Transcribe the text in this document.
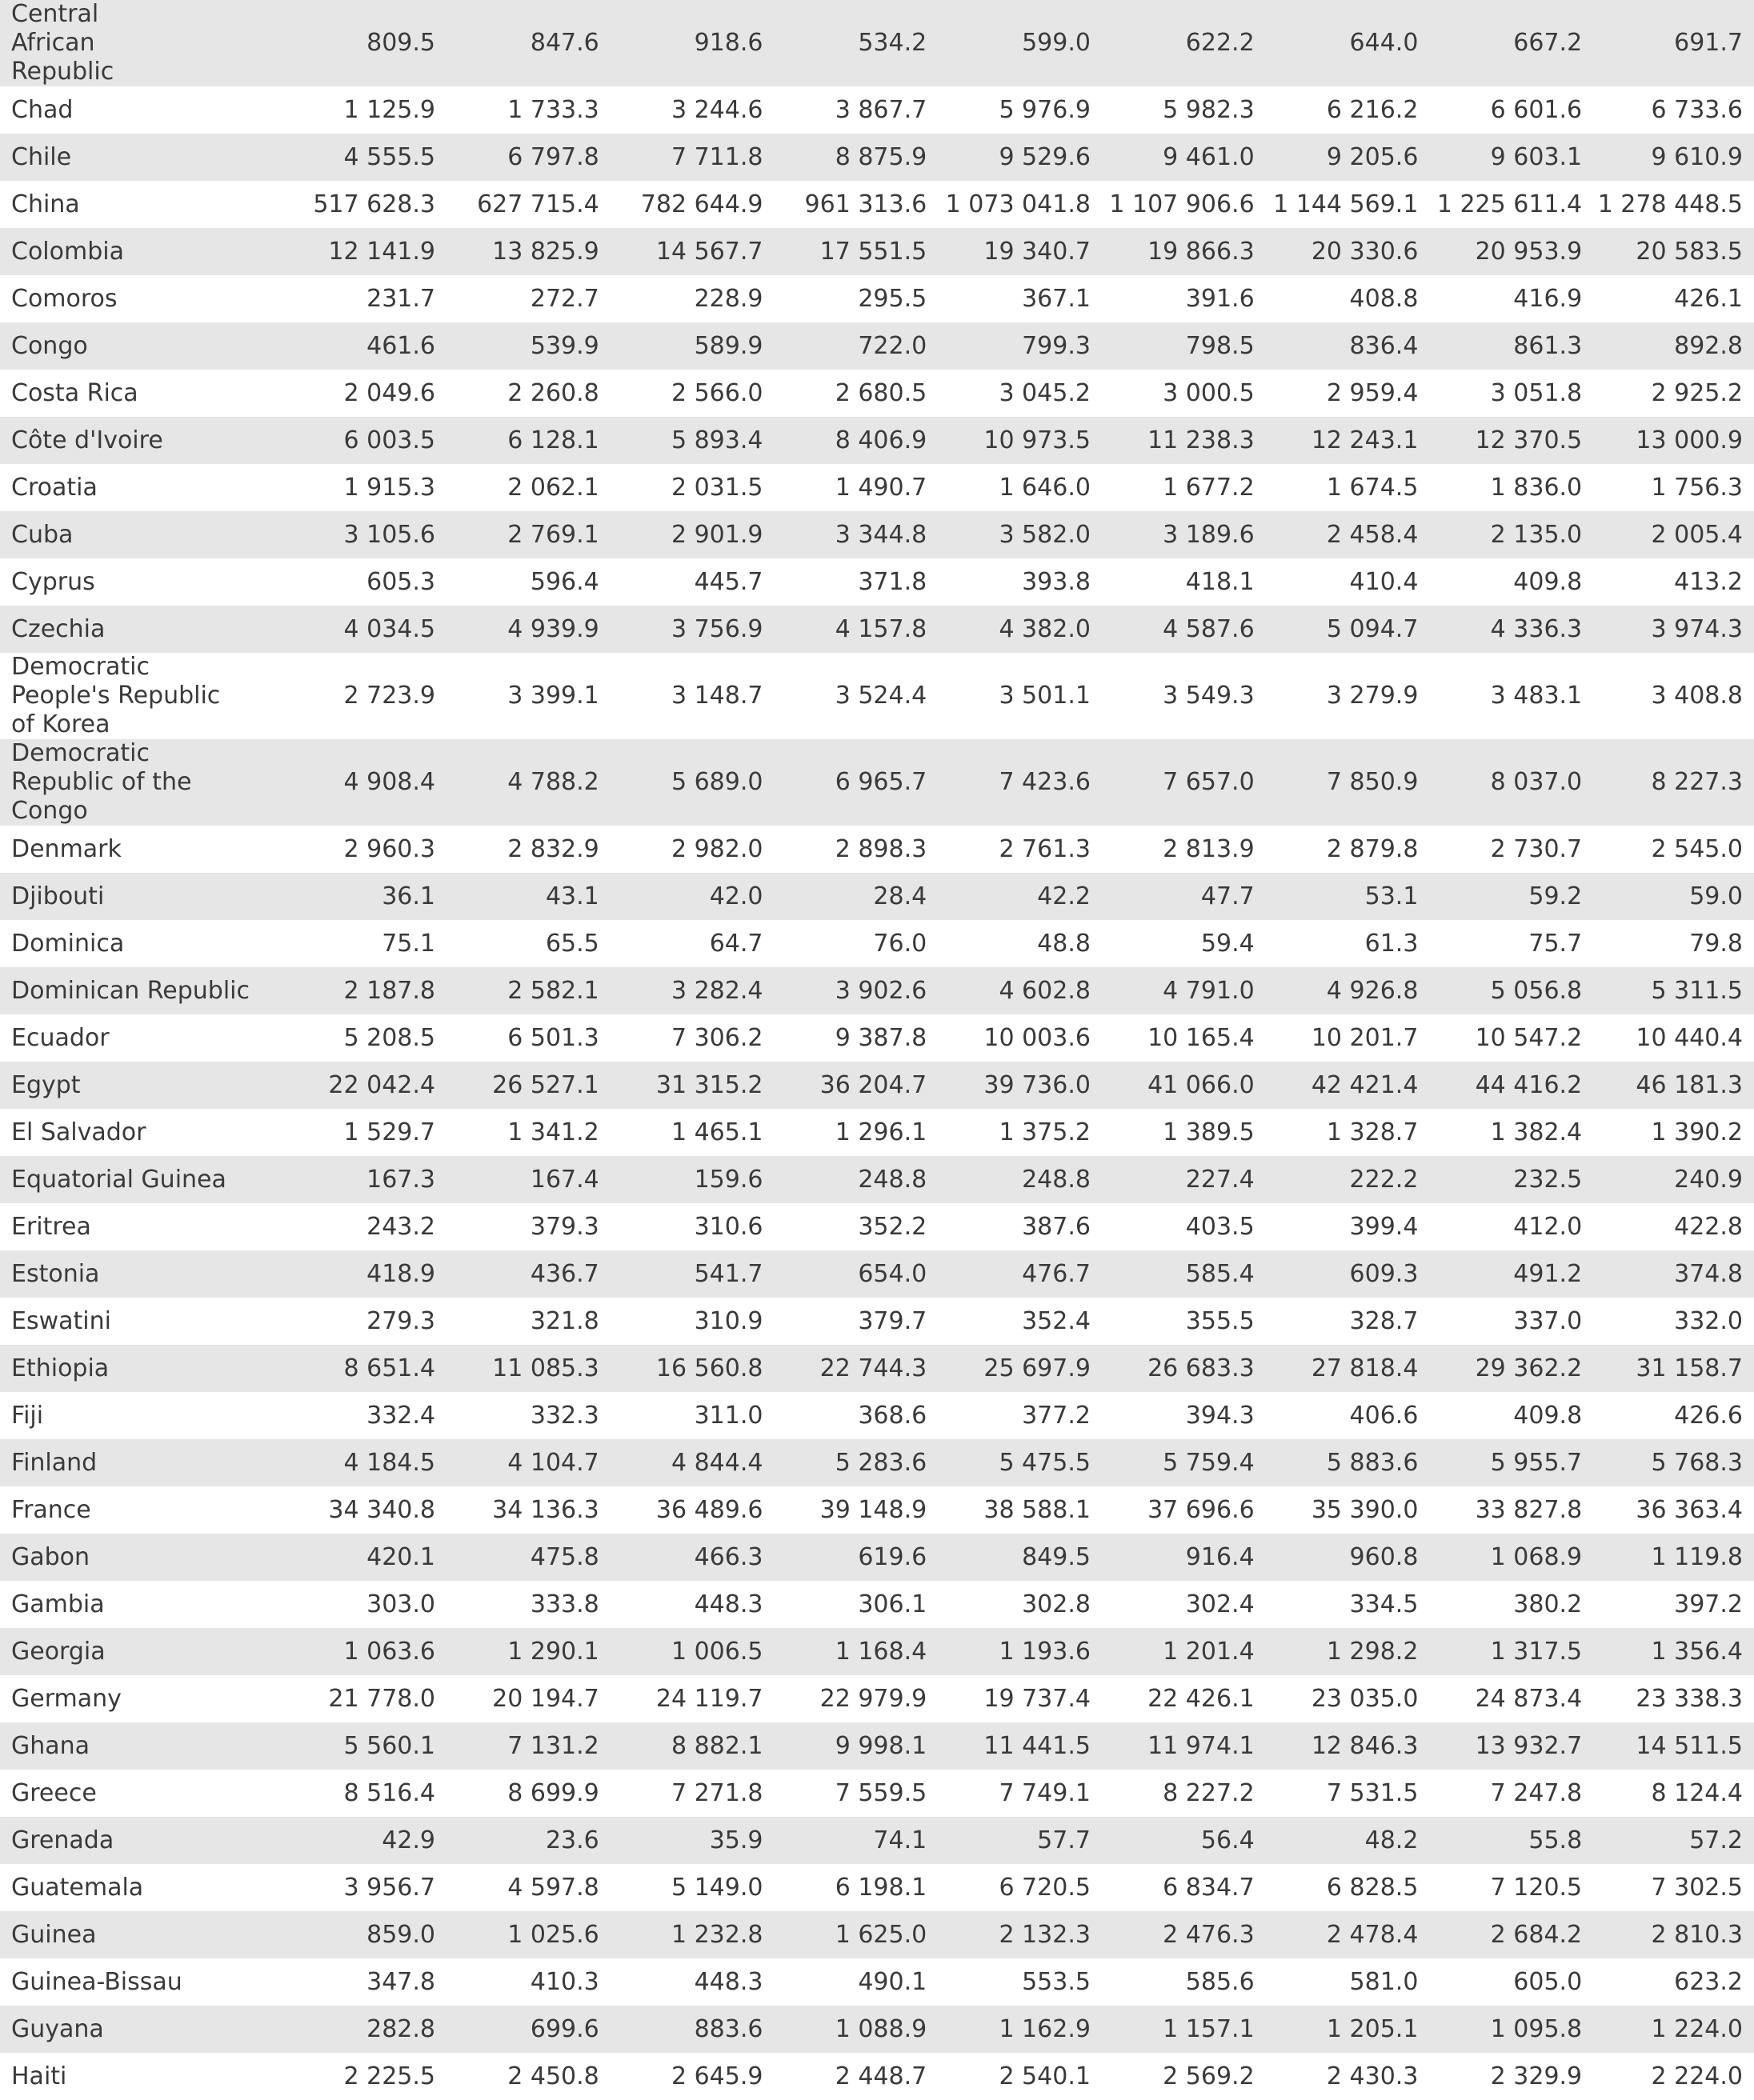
Central African Republic	809.5	847.6	918.6	534.2	599.0	622.2	644.0	667.2	691.7
Chad	1 125.9	1 733.3	3 244.6	3 867.7	5 976.9	5 982.3	6 216.2	6 601.6	6 733.6
Chile	4 555.5	6 797.8	7 711.8	8 875.9	9 529.6	9 461.0	9 205.6	9 603.1	9 610.9
China	517 628.3	627 715.4	782 644.9	961 313.6	1 073 041.8	1 107 906.6	1 144 569.1	1 225 611.4	1 278 448.5
Colombia	12 141.9	13 825.9	14 567.7	17 551.5	19 340.7	19 866.3	20 330.6	20 953.9	20 583.5
Comoros	231.7	272.7	228.9	295.5	367.1	391.6	408.8	416.9	426.1
Congo	461.6	539.9	589.9	722.0	799.3	798.5	836.4	861.3	892.8
Costa Rica	2 049.6	2 260.8	2 566.0	2 680.5	3 045.2	3 000.5	2 959.4	3 051.8	2 925.2
Côte d'Ivoire	6 003.5	6 128.1	5 893.4	8 406.9	10 973.5	11 238.3	12 243.1	12 370.5	13 000.9
Croatia	1 915.3	2 062.1	2 031.5	1 490.7	1 646.0	1 677.2	1 674.5	1 836.0	1 756.3
Cuba	3 105.6	2 769.1	2 901.9	3 344.8	3 582.0	3 189.6	2 458.4	2 135.0	2 005.4
Cyprus	605.3	596.4	445.7	371.8	393.8	418.1	410.4	409.8	413.2
Czechia	4 034.5	4 939.9	3 756.9	4 157.8	4 382.0	4 587.6	5 094.7	4 336.3	3 974.3

Democratic People's Republic of Korea	2 723.9	3 399.1	3 148.7	3 524.4	3 501.1	3 549.3	3 279.9	3 483.1	3 408.8

Democratic Republic of the Congo	4 908.4	4 788.2	5 689.0	6 965.7	7 423.6	7 657.0	7 850.9	8 037.0	8 227.3
Denmark	2 960.3	2 832.9	2 982.0	2 898.3	2 761.3	2 813.9	2 879.8	2 730.7	2 545.0
Djibouti	36.1	43.1	42.0	28.4	42.2	47.7	53.1	59.2	59.0
Dominica	75.1	65.5	64.7	76.0	48.8	59.4	61.3	75.7	79.8
Dominican Republic	2 187.8	2 582.1	3 282.4	3 902.6	4 602.8	4 791.0	4 926.8	5 056.8	5 311.5
Ecuador	5 208.5	6 501.3	7 306.2	9 387.8	10 003.6	10 165.4	10 201.7	10 547.2	10 440.4
Egypt	22 042.4	26 527.1	31 315.2	36 204.7	39 736.0	41 066.0	42 421.4	44 416.2	46 181.3
El Salvador	1 529.7	1 341.2	1 465.1	1 296.1	1 375.2	1 389.5	1 328.7	1 382.4	1 390.2
Equatorial Guinea	167.3	167.4	159.6	248.8	248.8	227.4	222.2	232.5	240.9
Eritrea	243.2	379.3	310.6	352.2	387.6	403.5	399.4	412.0	422.8
Estonia	418.9	436.7	541.7	654.0	476.7	585.4	609.3	491.2	374.8
Eswatini	279.3	321.8	310.9	379.7	352.4	355.5	328.7	337.0	332.0
Ethiopia	8 651.4	11 085.3	16 560.8	22 744.3	25 697.9	26 683.3	27 818.4	29 362.2	31 158.7
Fiji	332.4	332.3	311.0	368.6	377.2	394.3	406.6	409.8	426.6
Finland	4 184.5	4 104.7	4 844.4	5 283.6	5 475.5	5 759.4	5 883.6	5 955.7	5 768.3
France	34 340.8	34 136.3	36 489.6	39 148.9	38 588.1	37 696.6	35 390.0	33 827.8	36 363.4
Gabon	420.1	475.8	466.3	619.6	849.5	916.4	960.8	1 068.9	1 119.8
Gambia	303.0	333.8	448.3	306.1	302.8	302.4	334.5	380.2	397.2
Georgia	1 063.6	1 290.1	1 006.5	1 168.4	1 193.6	1 201.4	1 298.2	1 317.5	1 356.4
Germany	21 778.0	20 194.7	24 119.7	22 979.9	19 737.4	22 426.1	23 035.0	24 873.4	23 338.3
Ghana	5 560.1	7 131.2	8 882.1	9 998.1	11 441.5	11 974.1	12 846.3	13 932.7	14 511.5
Greece	8 516.4	8 699.9	7 271.8	7 559.5	7 749.1	8 227.2	7 531.5	7 247.8	8 124.4
Grenada	42.9	23.6	35.9	74.1	57.7	56.4	48.2	55.8	57.2
Guatemala	3 956.7	4 597.8	5 149.0	6 198.1	6 720.5	6 834.7	6 828.5	7 120.5	7 302.5
Guinea	859.0	1 025.6	1 232.8	1 625.0	2 132.3	2 476.3	2 478.4	2 684.2	2 810.3
Guinea-Bissau	347.8	410.3	448.3	490.1	553.5	585.6	581.0	605.0	623.2
Guyana	282.8	699.6	883.6	1 088.9	1 162.9	1 157.1	1 205.1	1 095.8	1 224.0
Haiti	2 225.5	2 450.8	2 645.9	2 448.7	2 540.1	2 569.2	2 430.3	2 329.9	2 224.0
